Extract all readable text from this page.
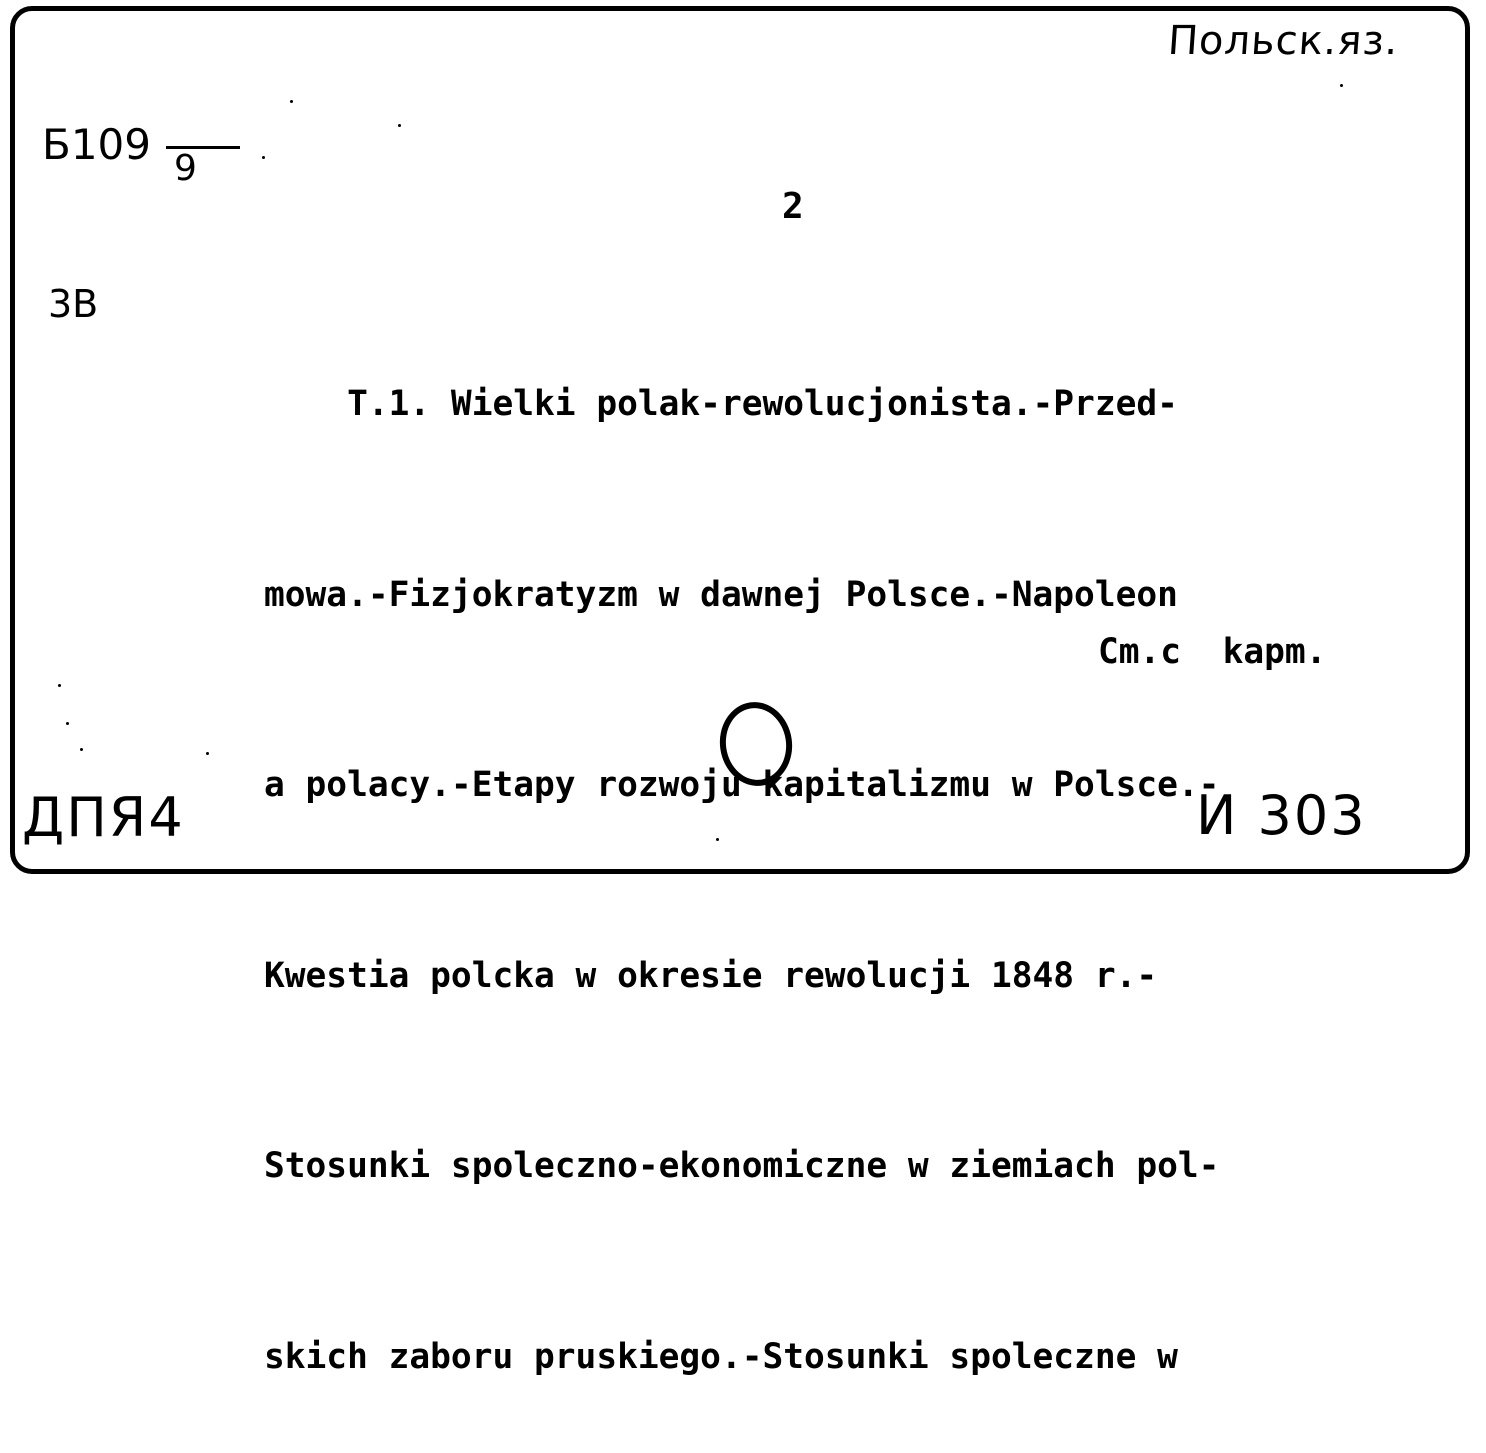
Польск.яз.
Б109 9
3В
2

T.1. Wielki polak-rewolucjonista.-Przed-

mowa.-Fizjokratyzm w dawnej Polsce.-Napoleon

a polacy.-Etapy rozwoju kapitalizmu w Polsce.-

Kwestia polcka w okresie rewolucji 1848 r.-

Stosunki spoleczno-ekonomiczne w ziemiach pol-

skich zaboru pruskiego.-Stosunki spoleczne w

Cm.c  kapm.
ДПЯ4	И 303
